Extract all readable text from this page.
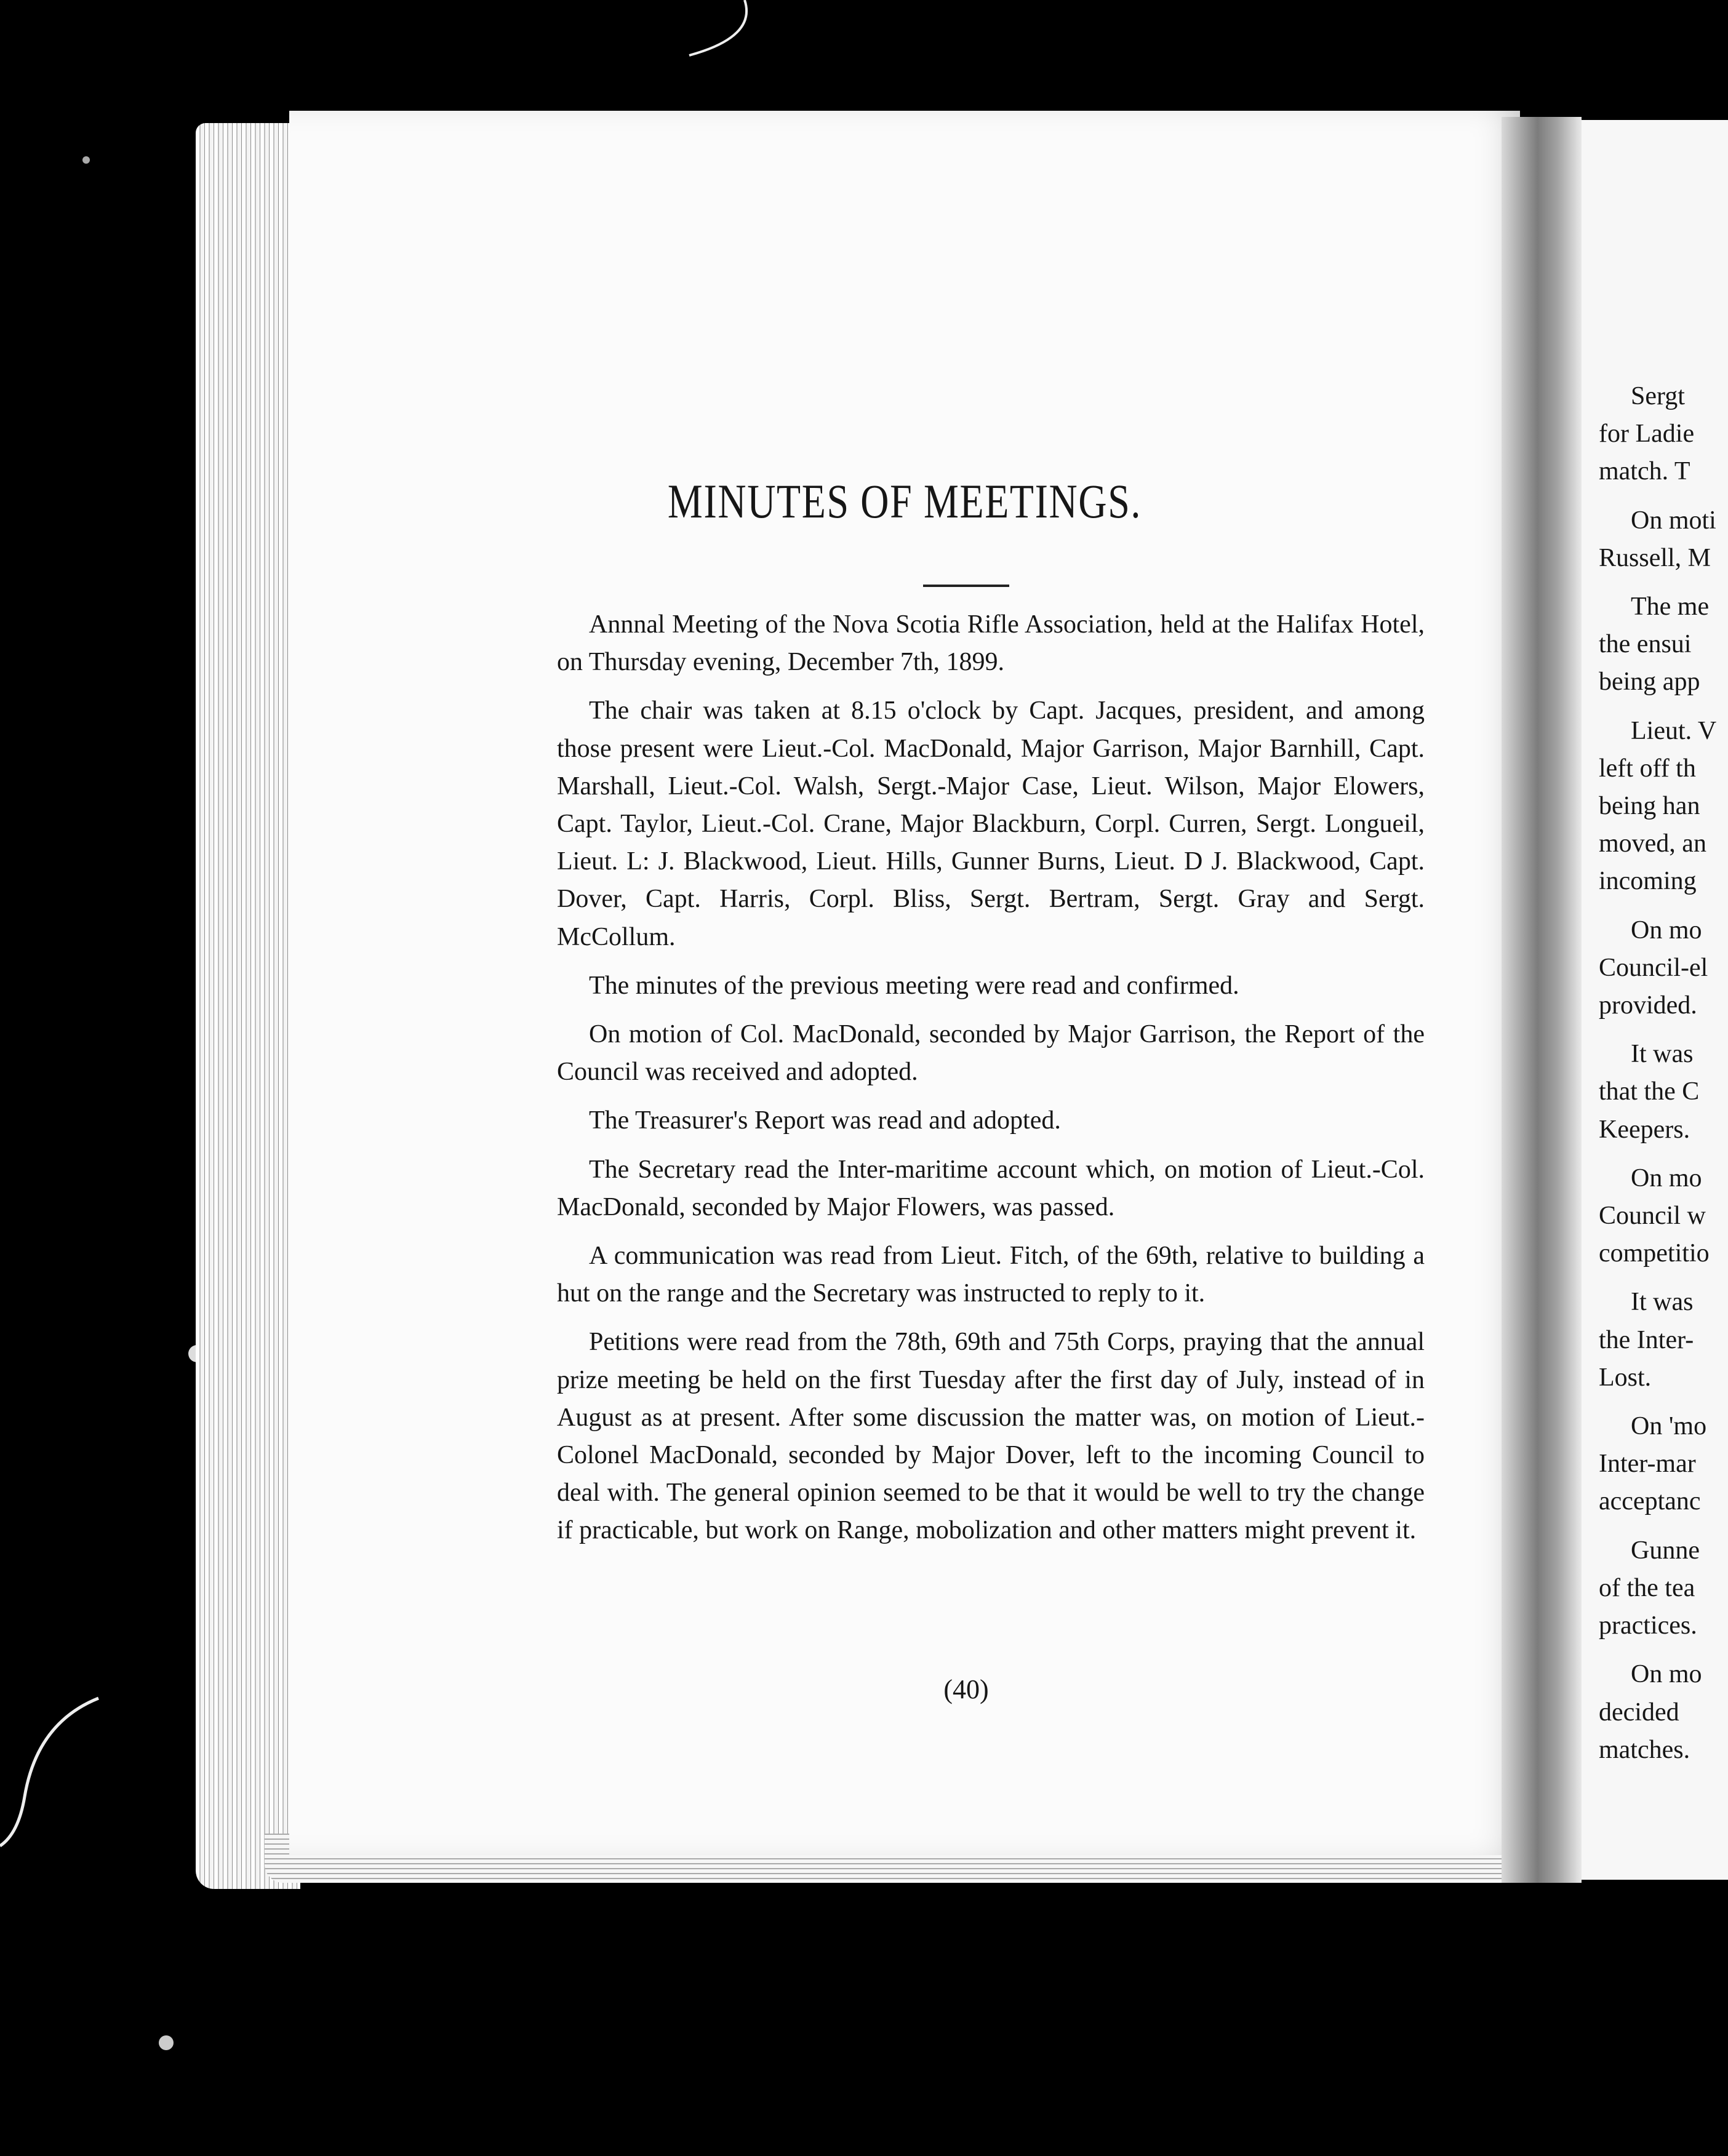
MINUTES OF MEETINGS.

Annnal Meeting of the Nova Scotia Rifle Association, held at the Halifax Hotel, on Thursday evening, December 7th, 1899.

The chair was taken at 8.15 o'clock by Capt. Jacques, president, and among those present were Lieut.-Col. MacDonald, Major Garrison, Major Barnhill, Capt. Marshall, Lieut.-Col. Walsh, Sergt.-Major Case, Lieut. Wilson, Major Elowers, Capt. Taylor, Lieut.-Col. Crane, Major Blackburn, Corpl. Curren, Sergt. Longueil, Lieut. L: J. Blackwood, Lieut. Hills, Gunner Burns, Lieut. D J. Blackwood, Capt. Dover, Capt. Harris, Corpl. Bliss, Sergt. Bertram, Sergt. Gray and Sergt. McCollum.

The minutes of the previous meeting were read and confirmed.

On motion of Col. MacDonald, seconded by Major Garrison, the Report of the Council was received and adopted.

The Treasurer's Report was read and adopted.

The Secretary read the Inter-maritime account which, on motion of Lieut.-Col. MacDonald, seconded by Major Flowers, was passed.

A communication was read from Lieut. Fitch, of the 69th, relative to building a hut on the range and the Secretary was instructed to reply to it.

Petitions were read from the 78th, 69th and 75th Corps, praying that the annual prize meeting be held on the first Tuesday after the first day of July, instead of in August as at present. After some discussion the matter was, on motion of Lieut.-Colonel MacDonald, seconded by Major Dover, left to the incoming Council to deal with. The general opinion seemed to be that it would be well to try the change if practicable, but work on Range, mobolization and other matters might prevent it.

(40)

Sergt
for Ladie
match. T

On moti
Russell, M

The me
the ensui
being app

Lieut. V
left off th
being han
moved, an
incoming

On mo
Council-el
provided.

It was
that the C
Keepers.

On mo
Council w
competitio

It was
the Inter-
Lost.

On 'mo
Inter-mar
acceptanc

Gunne
of the tea
practices.

On mo
decided
matches.
